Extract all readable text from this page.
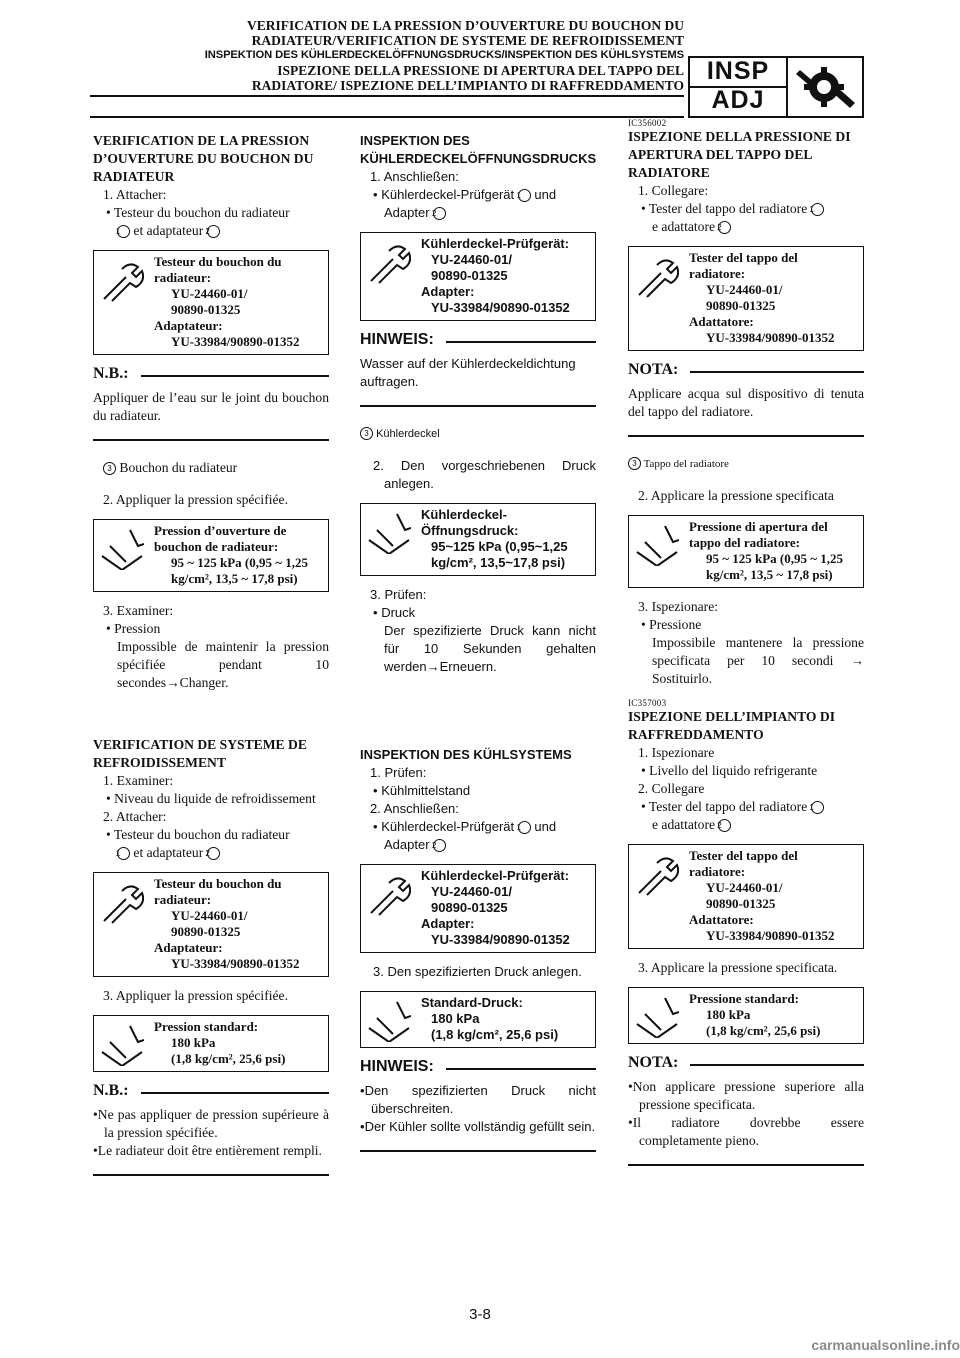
VERIFICATION DE LA PRESSION D’OUVERTURE DU BOUCHON DU
RADIATEUR/VERIFICATION DE SYSTEME DE REFROIDISSEMENT
INSPEKTION DES KÜHLERDECKELÖFFNUNGSDRUCKS/INSPEKTION DES KÜHLSYSTEMS
ISPEZIONE DELLA PRESSIONE DI APERTURA DEL TAPPO DEL
RADIATORE/ ISPEZIONE DELL’IMPIANTO DI RAFFREDDAMENTO
INSP
ADJ
VERIFICATION DE LA PRESSION D’OUVERTURE DU BOUCHON DU RADIATEUR
1. Attacher:
• Testeur du bouchon du radiateur
1 et adaptateur 2
Testeur du bouchon du radiateur:
YU-24460-01/
90890-01325
Adaptateur:
YU-33984/90890-01352
N.B.:
Appliquer de l’eau sur le joint du bouchon du radiateur.
3 Bouchon du radiateur
2. Appliquer la pression spécifiée.
Pression d’ouverture de bouchon de radiateur:
95 ~ 125 kPa (0,95 ~ 1,25 kg/cm², 13,5 ~ 17,8 psi)
3. Examiner:
• Pression
Impossible de maintenir la pression spécifiée pendant 10 secondes→Changer.
VERIFICATION DE SYSTEME DE REFROIDISSEMENT
1. Examiner:
• Niveau du liquide de refroidissement
2. Attacher:
• Testeur du bouchon du radiateur
1 et adaptateur 2
Testeur du bouchon du radiateur:
YU-24460-01/
90890-01325
Adaptateur:
YU-33984/90890-01352
3. Appliquer la pression spécifiée.
Pression standard:
180 kPa
(1,8 kg/cm², 25,6 psi)
N.B.:
•Ne pas appliquer de pression supérieure à la pression spécifiée.
•Le radiateur doit être entièrement rempli.
INSPEKTION DES KÜHLERDECKELÖFFNUNGSDRUCKS
1. Anschließen:
• Kühlerdeckel-Prüfgerät 1 und
Adapter 2
Kühlerdeckel-Prüfgerät:
YU-24460-01/
90890-01325
Adapter:
YU-33984/90890-01352
HINWEIS:
Wasser auf der Kühlerdeckeldichtung auftragen.
3 Kühlerdeckel
2. Den vorgeschriebenen Druck anlegen.
Kühlerdeckel-Öffnungsdruck:
95~125 kPa (0,95~1,25 kg/cm², 13,5~17,8 psi)
3. Prüfen:
• Druck
Der spezifizierte Druck kann nicht für 10 Sekunden gehalten werden→Erneuern.
INSPEKTION DES KÜHLSYSTEMS
1. Prüfen:
• Kühlmittelstand
2. Anschließen:
• Kühlerdeckel-Prüfgerät 1 und
Adapter 2
Kühlerdeckel-Prüfgerät:
YU-24460-01/
90890-01325
Adapter:
YU-33984/90890-01352
3. Den spezifizierten Druck anlegen.
Standard-Druck:
180 kPa
(1,8 kg/cm², 25,6 psi)
HINWEIS:
•Den spezifizierten Druck nicht überschreiten.
•Der Kühler sollte vollständig gefüllt sein.
IC356002
ISPEZIONE DELLA PRESSIONE DI APERTURA DEL TAPPO DEL RADIATORE
1. Collegare:
• Tester del tappo del radiatore 1
e adattatore 2
Tester del tappo del radiatore:
YU-24460-01/
90890-01325
Adattatore:
YU-33984/90890-01352
NOTA:
Applicare acqua sul dispositivo di tenuta del tappo del radiatore.
3 Tappo del radiatore
2. Applicare la pressione specificata
Pressione di apertura del tappo del radiatore:
95 ~ 125 kPa (0,95 ~ 1,25 kg/cm², 13,5 ~ 17,8 psi)
3. Ispezionare:
• Pressione
Impossibile mantenere la pressione specificata per 10 secondi → Sostituirlo.
IC357003
ISPEZIONE DELL’IMPIANTO DI RAFFREDDAMENTO
1. Ispezionare
• Livello del liquido refrigerante
2. Collegare
• Tester del tappo del radiatore 1
e adattatore 2
Tester del tappo del radiatore:
YU-24460-01/
90890-01325
Adattatore:
YU-33984/90890-01352
3. Applicare la pressione specificata.
Pressione standard:
180 kPa
(1,8 kg/cm², 25,6 psi)
NOTA:
•Non applicare pressione superiore alla pressione specificata.
•Il radiatore dovrebbe essere completamente pieno.
3-8
carmanualsonline.info
